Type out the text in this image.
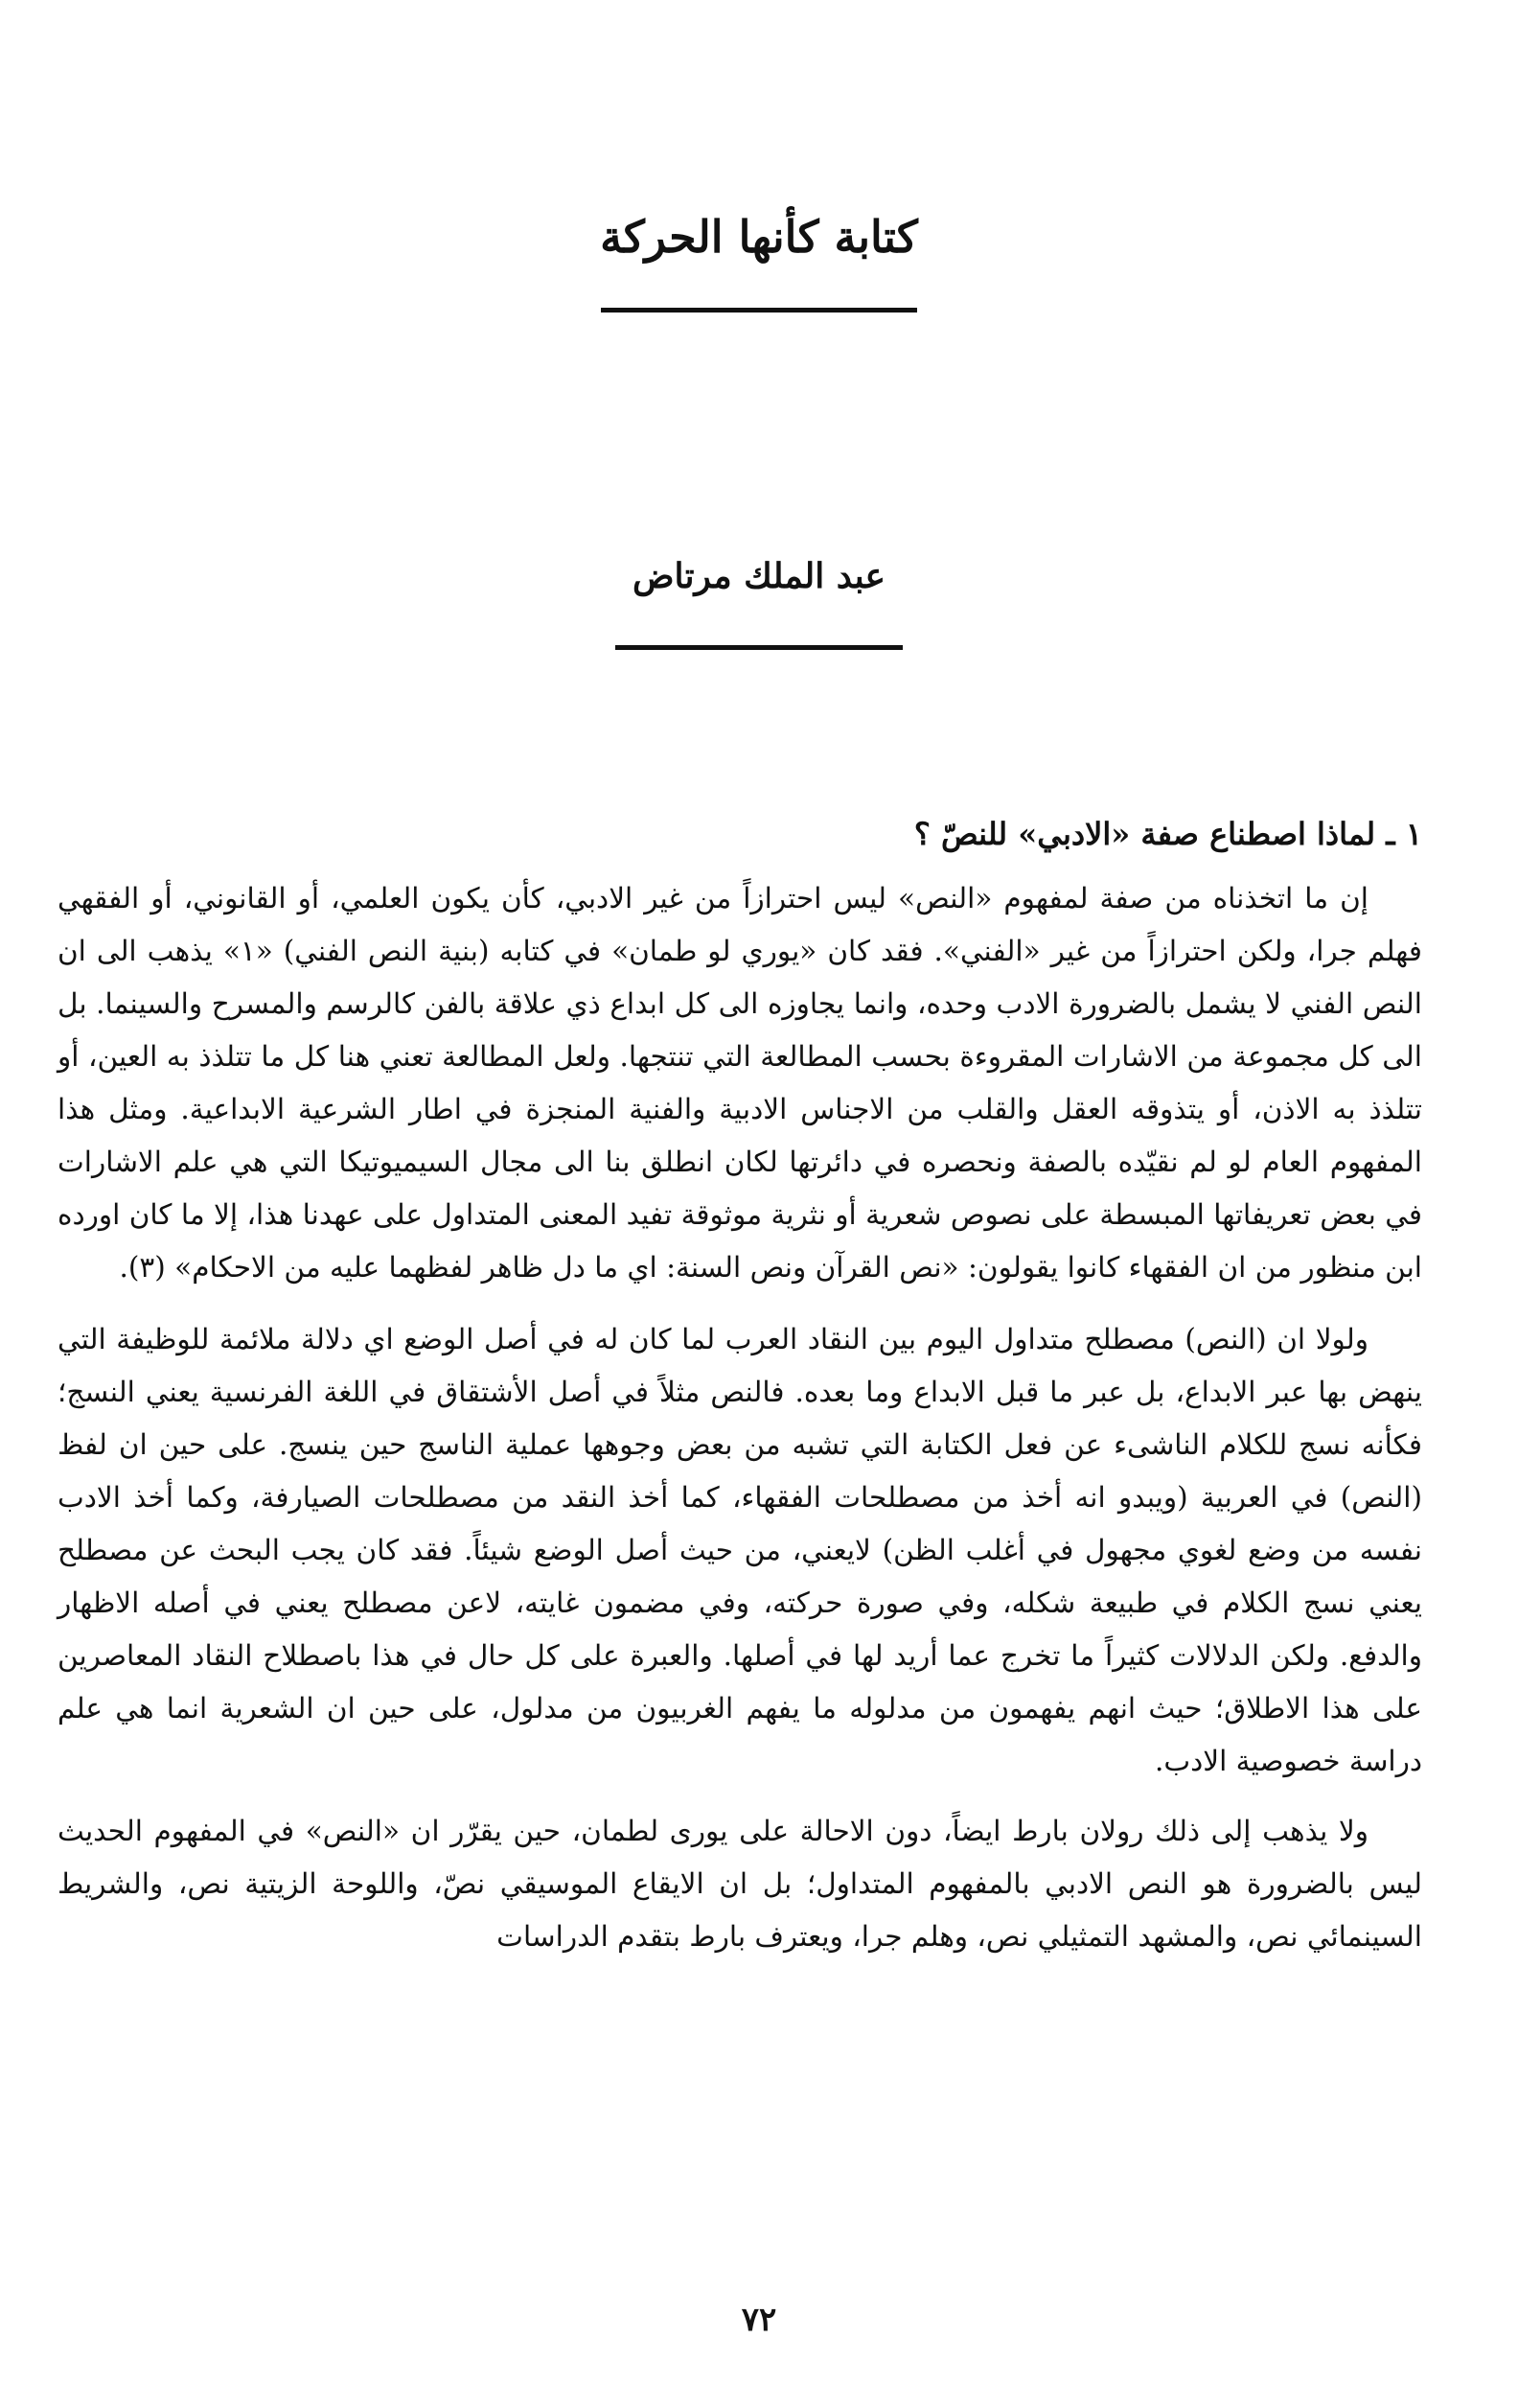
كتابة كأنها الحركة
عبد الملك مرتاض

١ ـ لماذا اصطناع صفة «الادبي» للنصّ ؟

إن ما اتخذناه من صفة لمفهوم «النص» ليس احترازاً من غير الادبي، كأن يكون العلمي، أو القانوني، أو الفقهي فهلم جرا، ولكن احترازاً من غير «الفني». فقد كان «يوري لو طمان» في كتابه (بنية النص الفني) «١» يذهب الى ان النص الفني لا يشمل بالضرورة الادب وحده، وانما يجاوزه الى كل ابداع ذي علاقة بالفن كالرسم والمسرح والسينما. بل الى كل مجموعة من الاشارات المقروءة بحسب المطالعة التي تنتجها. ولعل المطالعة تعني هنا كل ما تتلذذ به العين، أو تتلذذ به الاذن، أو يتذوقه العقل والقلب من الاجناس الادبية والفنية المنجزة في اطار الشرعية الابداعية. ومثل هذا المفهوم العام لو لم نقيّده بالصفة ونحصره في دائرتها لكان انطلق بنا الى مجال السيميوتيكا التي هي علم الاشارات في بعض تعريفاتها المبسطة على نصوص شعرية أو نثرية موثوقة تفيد المعنى المتداول على عهدنا هذا، إلا ما كان اورده ابن منظور من ان الفقهاء كانوا يقولون: «نص القرآن ونص السنة: اي ما دل ظاهر لفظهما عليه من الاحكام» (٣).

ولولا ان (النص) مصطلح متداول اليوم بين النقاد العرب لما كان له في أصل الوضع اي دلالة ملائمة للوظيفة التي ينهض بها عبر الابداع، بل عبر ما قبل الابداع وما بعده. فالنص مثلاً في أصل الأشتقاق في اللغة الفرنسية يعني النسج؛ فكأنه نسج للكلام الناشىء عن فعل الكتابة التي تشبه من بعض وجوهها عملية الناسج حين ينسج. على حين ان لفظ (النص) في العربية (ويبدو انه أخذ من مصطلحات الفقهاء، كما أخذ النقد من مصطلحات الصيارفة، وكما أخذ الادب نفسه من وضع لغوي مجهول في أغلب الظن) لايعني، من حيث أصل الوضع شيئاً. فقد كان يجب البحث عن مصطلح يعني نسج الكلام في طبيعة شكله، وفي صورة حركته، وفي مضمون غايته، لاعن مصطلح يعني في أصله الاظهار والدفع. ولكن الدلالات كثيراً ما تخرج عما أريد لها في أصلها. والعبرة على كل حال في هذا باصطلاح النقاد المعاصرين على هذا الاطلاق؛ حيث انهم يفهمون من مدلوله ما يفهم الغربيون من مدلول، على حين ان الشعرية انما هي علم دراسة خصوصية الادب.

ولا يذهب إلى ذلك رولان بارط ايضاً، دون الاحالة على يورى لطمان، حين يقرّر ان «النص» في المفهوم الحديث ليس بالضرورة هو النص الادبي بالمفهوم المتداول؛ بل ان الايقاع الموسيقي نصّ، واللوحة الزيتية نص، والشريط السينمائي نص، والمشهد التمثيلي نص، وهلم جرا، ويعترف بارط بتقدم الدراسات

٧٢
